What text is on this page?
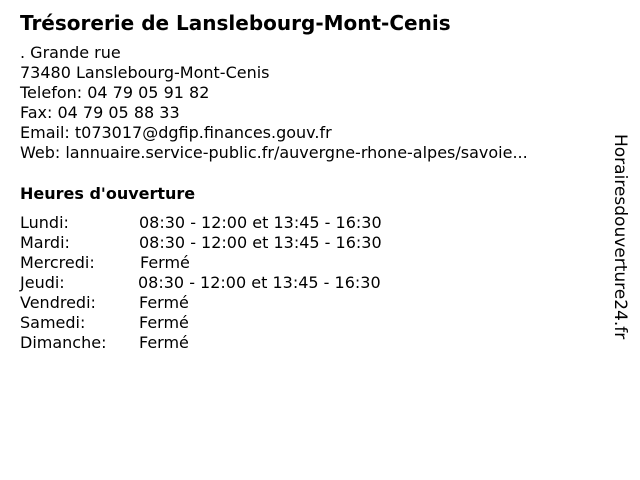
Trésorerie de Lanslebourg-Mont-Cenis
. Grande rue
73480 Lanslebourg-Mont-Cenis
Telefon: 04 79 05 91 82
Fax: 04 79 05 88 33
Email: t073017@dgfip.finances.gouv.fr
Web: lannuaire.service-public.fr/auvergne-rhone-alpes/savoie...
Heures d'ouverture
Lundi:	08:30 - 12:00 et 13:45 - 16:30
Mardi:	08:30 - 12:00 et 13:45 - 16:30
Mercredi:	Fermé
Jeudi:	08:30 - 12:00 et 13:45 - 16:30
Vendredi:	Fermé
Samedi:	Fermé
Dimanche: Fermé
Horairesdouverture24.fr
